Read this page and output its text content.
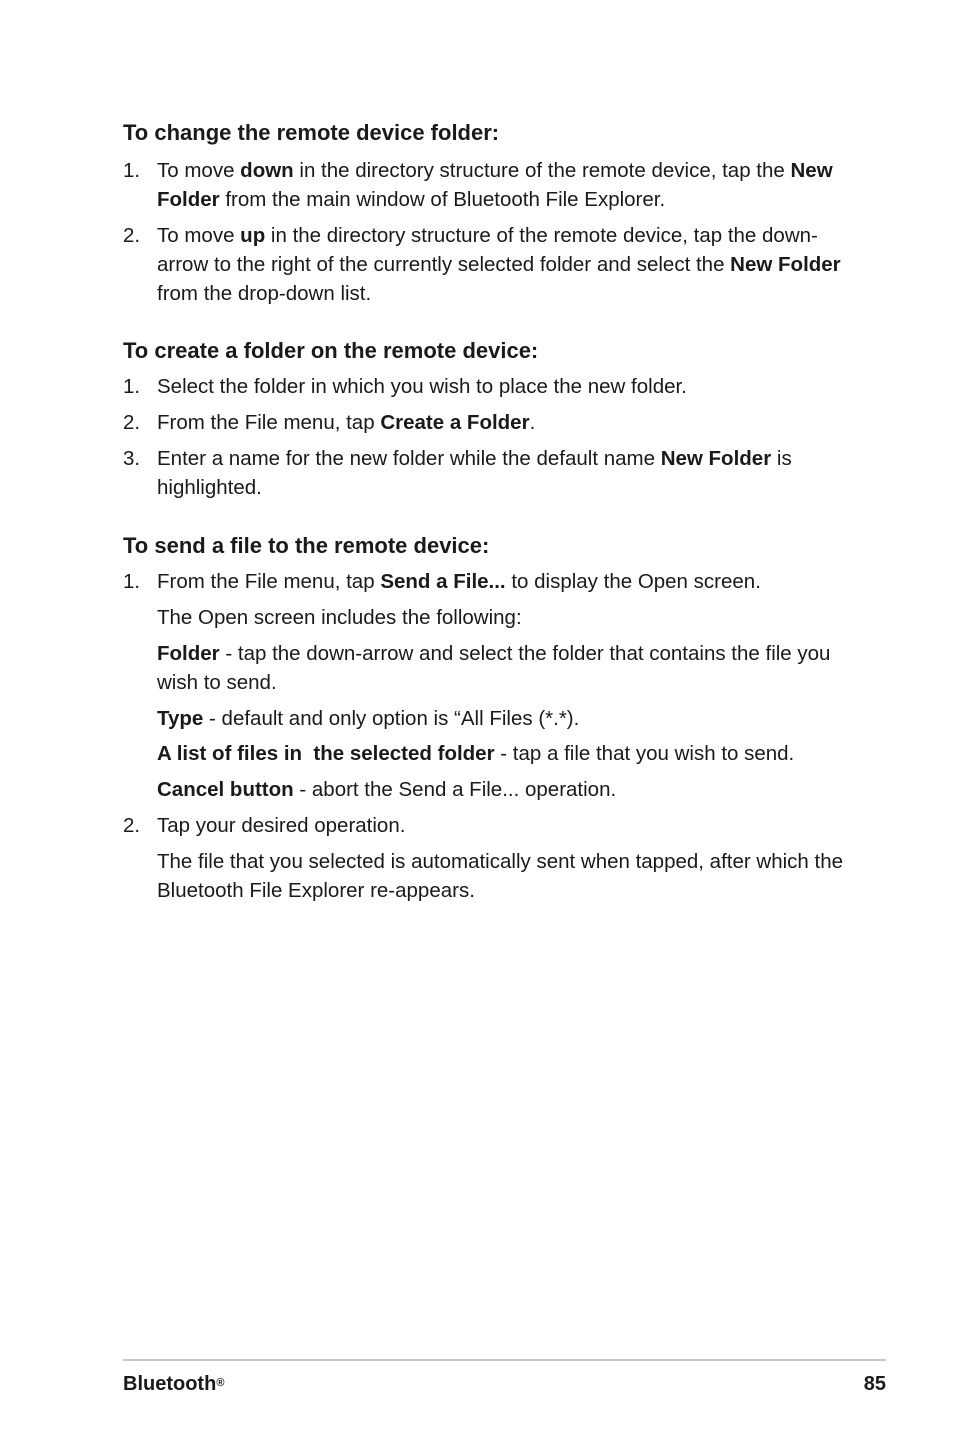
To change the remote device folder:
1. To move down in the directory structure of the remote device, tap the New Folder from the main window of Bluetooth File Explorer.
2. To move up in the directory structure of the remote device, tap the down-arrow to the right of the currently selected folder and select the New Folder from the drop-down list.
To create a folder on the remote device:
1. Select the folder in which you wish to place the new folder.
2. From the File menu, tap Create a Folder.
3. Enter a name for the new folder while the default name New Folder is highlighted.
To send a file to the remote device:
1. From the File menu, tap Send a File... to display the Open screen.
The Open screen includes the following:
Folder - tap the down-arrow and select the folder that contains the file you wish to send.
Type - default and only option is “All Files (*.*).
A list of files in  the selected folder - tap a file that you wish to send.
Cancel button - abort the Send a File... operation.
2. Tap your desired operation.
The file that you selected is automatically sent when tapped, after which the Bluetooth File Explorer re-appears.
Bluetooth®	85
